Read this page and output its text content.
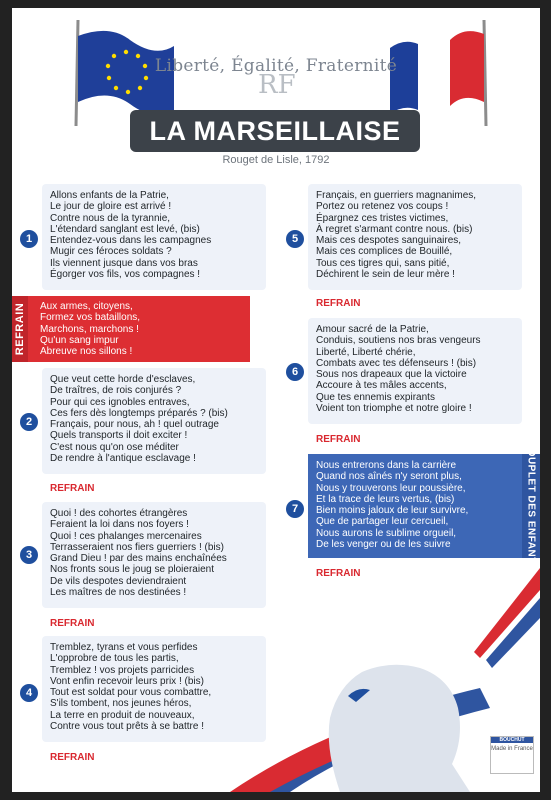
Liberté, Égalité, Fraternité
RF
LA MARSEILLAISE
Rouget de Lisle, 1792
1
Allons enfants de la Patrie,
Le jour de gloire est arrivé !
Contre nous de la tyrannie,
L'étendard sanglant est levé, (bis)
Entendez-vous dans les campagnes
Mugir ces féroces soldats ?
Ils viennent jusque dans vos bras
Égorger vos fils, vos compagnes !
Aux armes, citoyens,
Formez vos bataillons,
Marchons, marchons !
Qu'un sang impur
Abreuve nos sillons !
REFRAIN
2
Que veut cette horde d'esclaves,
De traîtres, de rois conjurés ?
Pour qui ces ignobles entraves,
Ces fers dès longtemps préparés ? (bis)
Français, pour nous, ah ! quel outrage
Quels transports il doit exciter !
C'est nous qu'on ose méditer
De rendre à l'antique esclavage !
REFRAIN
3
Quoi ! des cohortes étrangères
Feraient la loi dans nos foyers !
Quoi ! ces phalanges mercenaires
Terrasseraient nos fiers guerriers ! (bis)
Grand Dieu ! par des mains enchaînées
Nos fronts sous le joug se ploieraient
De vils despotes deviendraient
Les maîtres de nos destinées !
REFRAIN
4
Tremblez, tyrans et vous perfides
L'opprobre de tous les partis,
Tremblez ! vos projets parricides
Vont enfin recevoir leurs prix ! (bis)
Tout est soldat pour vous combattre,
S'ils tombent, nos jeunes héros,
La terre en produit de nouveaux,
Contre vous tout prêts à se battre !
REFRAIN
5
Français, en guerriers magnanimes,
Portez ou retenez vos coups !
Épargnez ces tristes victimes,
À regret s'armant contre nous. (bis)
Mais ces despotes sanguinaires,
Mais ces complices de Bouillé,
Tous ces tigres qui, sans pitié,
Déchirent le sein de leur mère !
REFRAIN
6
Amour sacré de la Patrie,
Conduis, soutiens nos bras vengeurs
Liberté, Liberté chérie,
Combats avec tes défenseurs ! (bis)
Sous nos drapeaux que la victoire
Accoure à tes mâles accents,
Que tes ennemis expirants
Voient ton triomphe et notre gloire !
REFRAIN
7
Nous entrerons dans la carrière
Quand nos aînés n'y seront plus,
Nous y trouverons leur poussière,
Et la trace de leurs vertus, (bis)
Bien moins jaloux de leur survivre,
Que de partager leur cercueil,
Nous aurons le sublime orgueil,
De les venger ou de les suivre	COUPLET DES ENFANTS
REFRAIN
BOUCHUT
Made in France
